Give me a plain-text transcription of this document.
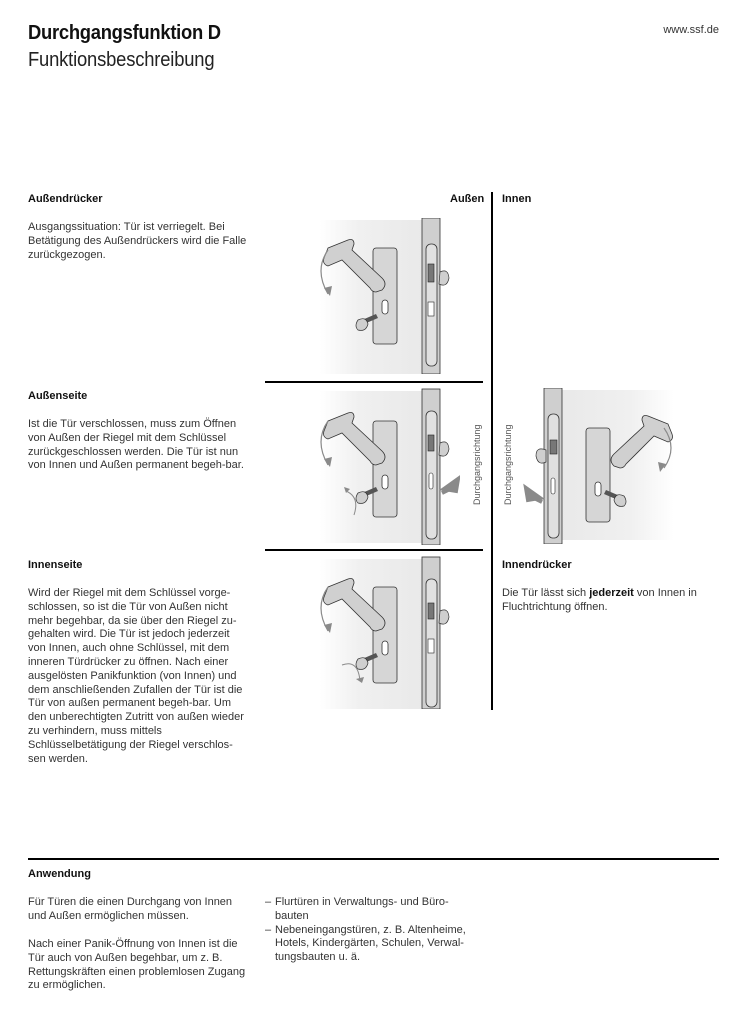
Durchgangsfunktion D
Funktionsbeschreibung
www.ssf.de
Außen Innen
Außendrücker
Ausgangssituation: Tür ist verriegelt. Bei Betätigung des Außendrückers wird die Falle zurückgezogen.
Außenseite
Ist die Tür verschlossen, muss zum Öffnen von Außen der Riegel mit dem Schlüssel zurückgeschlossen werden. Die Tür ist nun von Innen und Außen permanent begeh-bar.
Innenseite
Wird der Riegel mit dem Schlüssel vorge-schlossen, so ist die Tür von Außen nicht mehr begehbar, da sie über den Riegel zu-gehalten wird. Die Tür ist jedoch jederzeit von Innen, auch ohne Schlüssel, mit dem inneren Türdrücker zu öffnen. Nach einer ausgelösten Panikfunktion (von Innen) und dem anschließenden Zufallen der Tür ist die Tür von außen permanent begeh-bar. Um den unberechtigten Zutritt von außen wieder zu verhindern, muss mittels Schlüsselbetätigung der Riegel verschlos-sen werden.
Innendrücker
Die Tür lässt sich jederzeit von Innen in Fluchtrichtung öffnen.
Durchgangsrichtung Durchgangsrichtung
Anwendung
Für Türen die einen Durchgang von Innen und Außen ermöglichen müssen.
Nach einer Panik-Öffnung von Innen ist die Tür auch von Außen begehbar, um z. B. Rettungskräften einen problemlosen Zugang zu ermöglichen.
– Flurtüren in Verwaltungs- und Büro-bauten
– Nebeneingangstüren, z. B. Altenheime, Hotels, Kindergärten, Schulen, Verwal-tungsbauten u. ä.
